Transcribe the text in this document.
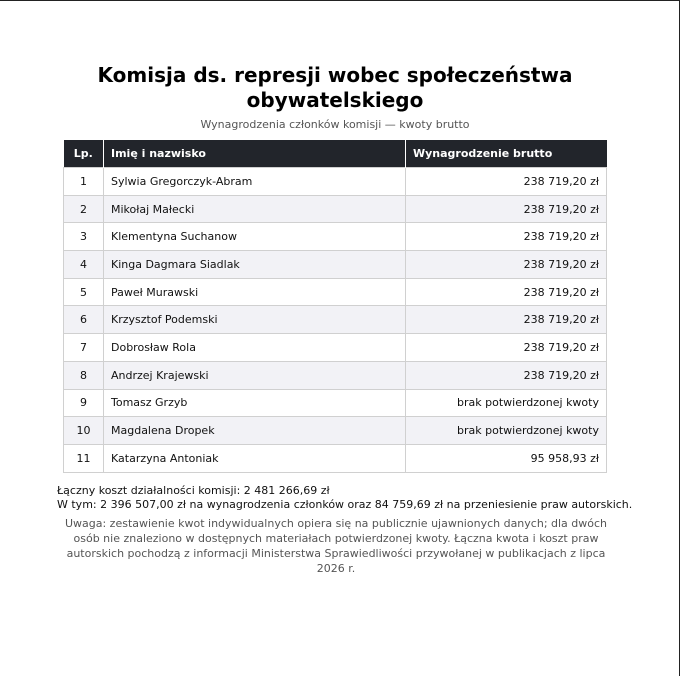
Komisja ds. represji wobec społeczeństwa obywatelskiego

Wynagrodzenia członków komisji — kwoty brutto

Lp.	Imię i nazwisko	Wynagrodzenie brutto
1	Sylwia Gregorczyk-Abram	238 719,20 zł
2	Mikołaj Małecki	238 719,20 zł
3	Klementyna Suchanow	238 719,20 zł
4	Kinga Dagmara Siadlak	238 719,20 zł
5	Paweł Murawski	238 719,20 zł
6	Krzysztof Podemski	238 719,20 zł
7	Dobrosław Rola	238 719,20 zł
8	Andrzej Krajewski	238 719,20 zł
9	Tomasz Grzyb	brak potwierdzonej kwoty
10	Magdalena Dropek	brak potwierdzonej kwoty
11	Katarzyna Antoniak	95 958,93 zł
Łączny koszt działalności komisji: 2 481 266,69 zł
W tym: 2 396 507,00 zł na wynagrodzenia członków oraz 84 759,69 zł na przeniesienie praw autorskich.

Uwaga: zestawienie kwot indywidualnych opiera się na publicznie ujawnionych danych; dla dwóch osób nie znaleziono w dostępnych materiałach potwierdzonej kwoty. Łączna kwota i koszt praw autorskich pochodzą z informacji Ministerstwa Sprawiedliwości przywołanej w publikacjach z lipca 2026 r.
